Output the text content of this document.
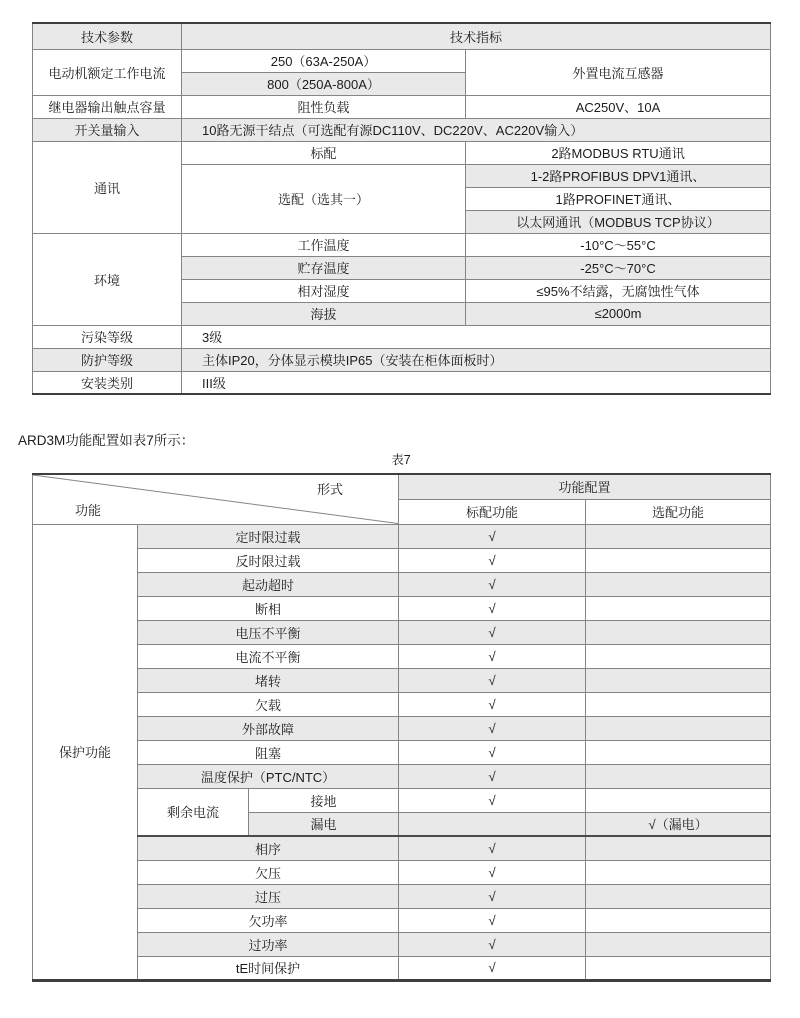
技术参数	技术指标	
电动机额定工作电流	250（63A-250A）	外置电流互感器
	800（250A-800A）	
继电器输出触点容量	阻性负载	AC250V、10A
开关量输入	10路无源干结点（可选配有源DC110V、DC220V、AC220V输入）	
通讯	标配	2路MODBUS RTU通讯
	选配（选其一）	1-2路PROFIBUS DPV1通讯、
		1路PROFINET通讯、
		以太网通讯（MODBUS TCP协议）
环境	工作温度	-10°C～55°C
	贮存温度	-25°C～70°C
	相对湿度	≤95%不结露，无腐蚀性气体
	海拔	≤2000m
污染等级	3级	
防护等级	主体IP20，分体显示模块IP65（安装在柜体面板时）	
安装类别	III级	
ARD3M功能配置如表7所示：
表7
形式
功能			功能配置	
			标配功能	选配功能
保护功能	定时限过载		√	
	反时限过载		√	
	起动超时		√	
	断相		√	
	电压不平衡		√	
	电流不平衡		√	
	堵转		√	
	欠载		√	
	外部故障		√	
	阻塞		√	
	温度保护（PTC/NTC）		√	
	剩余电流	接地	√	
		漏电		√（漏电）
	相序		√	
	欠压		√	
	过压		√	
	欠功率		√	
	过功率		√	
	tE时间保护		√	
